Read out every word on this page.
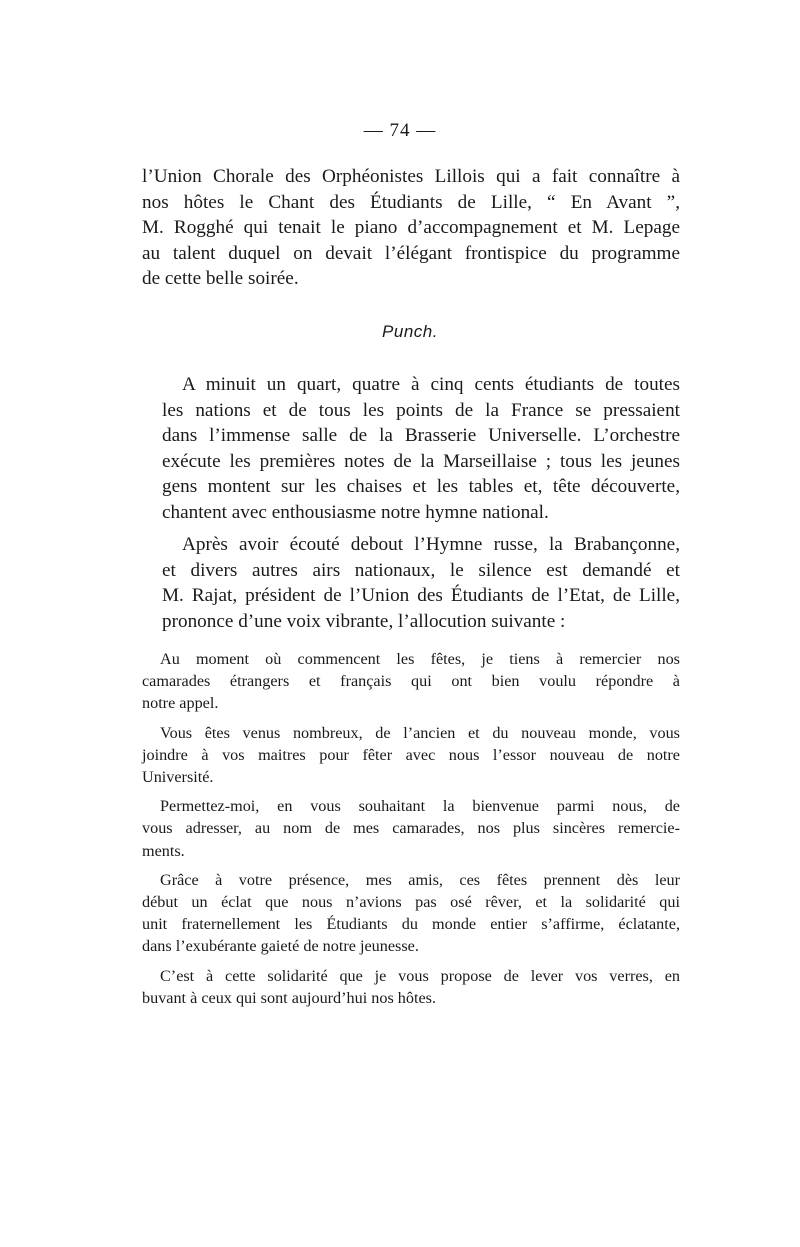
— 74 —
l’Union Chorale des Orphéonistes Lillois qui a fait connaître à
nos hôtes le Chant des Étudiants de Lille, “ En Avant ”,
M. Rogghé qui tenait le piano d’accompagnement et M. Lepage
au talent duquel on devait l’élégant frontispice du programme
de cette belle soirée.
Punch.

A minuit un quart, quatre à cinq cents étudiants de toutes
les nations et de tous les points de la France se pressaient
dans l’immense salle de la Brasserie Universelle. L’orchestre
exécute les premières notes de la Marseillaise ; tous les jeunes
gens montent sur les chaises et les tables et, tête découverte,
chantent avec enthousiasme notre hymne national.

Après avoir écouté debout l’Hymne russe, la Brabançonne,
et divers autres airs nationaux, le silence est demandé et
M. Rajat, président de l’Union des Étudiants de l’Etat, de Lille,
prononce d’une voix vibrante, l’allocution suivante :

Au moment où commencent les fêtes, je tiens à remercier nos
camarades étrangers et français qui ont bien voulu répondre à
notre appel.

Vous êtes venus nombreux, de l’ancien et du nouveau monde, vous
joindre à vos maitres pour fêter avec nous l’essor nouveau de notre
Université.

Permettez-moi, en vous souhaitant la bienvenue parmi nous, de
vous adresser, au nom de mes camarades, nos plus sincères remercie-
ments.

Grâce à votre présence, mes amis, ces fêtes prennent dès leur
début un éclat que nous n’avions pas osé rêver, et la solidarité qui
unit fraternellement les Étudiants du monde entier s’affirme, éclatante,
dans l’exubérante gaieté de notre jeunesse.

C’est à cette solidarité que je vous propose de lever vos verres, en
buvant à ceux qui sont aujourd’hui nos hôtes.
